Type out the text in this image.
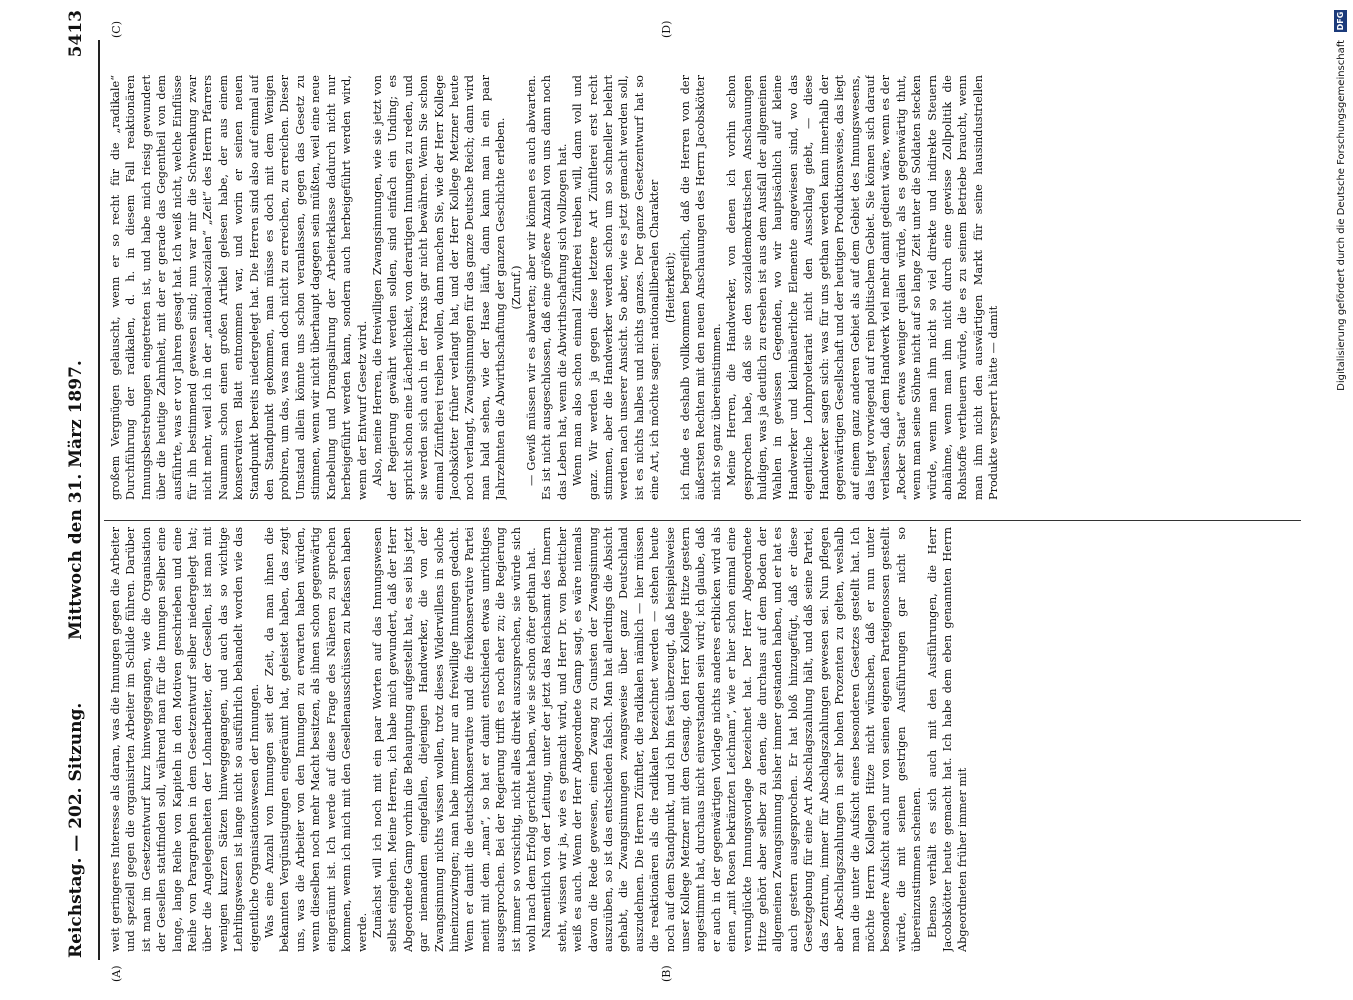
Reichstag. — 202. Sitzung.
Mittwoch den 31. März 1897.
5413
(A)	(B)
(C)	(D)

weit geringeres Interesse als daran, was die Innungen gegen die Arbeiter und speziell gegen die organisirten Arbeiter im Schilde führen. Darüber ist man im Gesetzentwurf kurz hinweggegangen, wie die Organisation der Gesellen stattfinden soll, während man für die Innungen selber eine lange, lange Reihe von Kapiteln in den Motiven geschrieben und eine Reihe von Paragraphen in dem Gesetzentwurf selber niedergelegt hat; über die Angelegenheiten der Lohnarbeiter, der Gesellen, ist man mit wenigen kurzen Sätzen hinweggegangen, und auch das so wichtige Lehrlingswesen ist lange nicht so ausführlich behandelt worden wie das eigentliche Organisationswesen der Innungen. Was eine Anzahl von Innungen seit der Zeit, da man ihnen die bekannten Vergünstigungen eingeräumt hat, geleistet haben, das zeigt uns, was die Arbeiter von den Innungen zu erwarten haben würden, wenn dieselben noch mehr Macht besitzen, als ihnen schon gegenwärtig eingeräumt ist. Ich werde auf diese Frage des Näheren zu sprechen kommen, wenn ich mich mit den Gesellenausschüssen zu befassen haben werde. Zunächst will ich noch mit ein paar Worten auf das Innungswesen selbst eingehen. Meine Herren, ich habe mich gewundert, daß der Herr Abgeordnete Gamp vorhin die Behauptung aufgestellt hat, es sei bis jetzt gar niemandem eingefallen, diejenigen Handwerker, die von der Zwangsinnung nichts wissen wollen, trotz dieses Widerwillens in solche hineinzuzwingen; man habe immer nur an freiwillige Innungen gedacht. Wenn er damit die deutschkonservative und die freikonservative Partei meint mit dem „man“, so hat er damit entschieden etwas unrichtiges ausgesprochen. Bei der Regierung trifft es noch eher zu; die Regierung ist immer so vorsichtig, nicht alles direkt auszusprechen, sie würde sich wohl nach dem Erfolg gerichtet haben, wie sie schon öfter gethan hat. Namentlich von der Leitung, unter der jetzt das Reichsamt des Innern steht, wissen wir ja, wie es gemacht wird, und Herr Dr. von Boetticher weiß es auch. Wenn der Herr Abgeordnete Gamp sagt, es wäre niemals davon die Rede gewesen, einen Zwang zu Gunsten der Zwangsinnung auszuüben, so ist das entschieden falsch. Man hat allerdings die Absicht gehabt, die Zwangsinnungen zwangsweise über ganz Deutschland auszudehnen. Die Herren Zünftler, die radikalen nämlich — hier müssen die reaktionären als die radikalen bezeichnet werden — stehen heute noch auf dem Standpunkt, und ich bin fest überzeugt, daß beispielsweise unser Kollege Metzner mit dem Gesang, den Herr Kollege Hitze gestern angestimmt hat, durchaus nicht einverstanden sein wird; ich glaube, daß er auch in der gegenwärtigen Vorlage nichts anderes erblicken wird als einen „mit Rosen bekränzten Leichnam“, wie er hier schon einmal eine verunglückte Innungsvorlage bezeichnet hat. Der Herr Abgeordnete Hitze gehört aber selber zu denen, die durchaus auf dem Boden der allgemeinen Zwangsinnung bisher immer gestanden haben, und er hat es auch gestern ausgesprochen. Er hat bloß hinzugefügt, daß er diese Gesetzgebung für eine Art Abschlagszahlung hält, und daß seine Partei, das Zentrum, immer für Abschlagszahlungen gewesen sei. Nun pflegen aber Abschlagszahlungen in sehr hohen Prozenten zu gelten, weshalb man die unter die Aufsicht eines besonderen Gesetzes gestellt hat. Ich möchte Herrn Kollegen Hitze nicht wünschen, daß er nun unter besondere Aufsicht auch nur von seinen eigenen Parteigenossen gestellt würde, die mit seinen gestrigen Ausführungen gar nicht so übereinzustimmen scheinen. Ebenso verhält es sich auch mit den Ausführungen, die Herr Jacobskötter heute gemacht hat. Ich habe dem eben genannten Herrn Abgeordneten früher immer mit

großem Vergnügen gelauscht, wenn er so recht für die „radikale“ Durchführung der radikalen, d. h. in diesem Fall reaktionären Innungsbestrebungen eingetreten ist, und habe mich riesig gewundert über die heutige Zahmheit, mit der er gerade das Gegentheil von dem ausführte, was er vor Jahren gesagt hat. Ich weiß nicht, welche Einflüsse für ihn bestimmend gewesen sind; nun war mir die Schwenkung zwar nicht mehr, weil ich in der „national-sozialen“ „Zeit“ des Herrn Pfarrers Naumann schon einen großen Artikel gelesen habe, der aus einem konservativen Blatt entnommen war, und worin er seinen neuen Standpunkt bereits niedergelegt hat. Die Herren sind also auf einmal auf den Standpunkt gekommen, man müsse es doch mit dem Wenigen probiren, um das, was man doch nicht zu erreichen, zu erreichen. Dieser Umstand allein könnte uns schon veranlassen, gegen das Gesetz zu stimmen, wenn wir nicht überhaupt dagegen sein müßten, weil eine neue Knebelung und Drangsalirung der Arbeiterklasse dadurch nicht nur herbeigeführt werden kann, sondern auch herbeigeführt werden wird, wenn der Entwurf Gesetz wird. Also, meine Herren, die freiwilligen Zwangsinnungen, wie sie jetzt von der Regierung gewährt werden sollen, sind einfach ein Unding; es spricht schon eine Lächerlichkeit, von derartigen Innungen zu reden, und sie werden sich auch in der Praxis gar nicht bewähren. Wenn Sie schon einmal Zünftlerei treiben wollen, dann machen Sie, wie der Herr Kollege Jacobskötter früher verlangt hat, und der Herr Kollege Metzner heute noch verlangt, Zwangsinnungen für das ganze Deutsche Reich; dann wird man bald sehen, wie der Hase läuft, dann kann man in ein paar Jahrzehnten die Abwirthschaftung der ganzen Geschichte erleben. (Zuruf.) — Gewiß müssen wir es abwarten; aber wir können es auch abwarten. Es ist nicht ausgeschlossen, daß eine größere Anzahl von uns dann noch das Leben hat, wenn die Abwirthschaftung sich vollzogen hat. Wenn man also schon einmal Zünftlerei treiben will, dann voll und ganz. Wir werden ja gegen diese letztere Art Zünftlerei erst recht stimmen, aber die Handwerker werden schon um so schneller belehrt werden nach unserer Ansicht. So aber, wie es jetzt gemacht werden soll, ist es nichts halbes und nichts ganzes. Der ganze Gesetzentwurf hat so eine Art, ich möchte sagen: nationalliberalen Charakter (Heiterkeit); ich finde es deshalb vollkommen begreiflich, daß die Herren von der äußersten Rechten mit den neuen Anschauungen des Herrn Jacobskötter nicht so ganz übereinstimmen. Meine Herren, die Handwerker, von denen ich vorhin schon gesprochen habe, daß sie den sozialdemokratischen Anschauungen huldigen, was ja deutlich zu ersehen ist aus dem Ausfall der allgemeinen Wahlen in gewissen Gegenden, wo wir hauptsächlich auf kleine Handwerker und kleinbäuerliche Elemente angewiesen sind, wo das eigentliche Lohnproletariat nicht den Ausschlag giebt, — diese Handwerker sagen sich: was für uns gethan werden kann innerhalb der gegenwärtigen Gesellschaft und der heutigen Produktionsweise, das liegt auf einem ganz anderen Gebiet als auf dem Gebiet des Innungswesens, das liegt vorwiegend auf rein politischem Gebiet. Sie können sich darauf verlassen, daß dem Handwerk viel mehr damit gedient wäre, wenn es der „Rocker Staat“ etwas weniger quälen würde, als es gegenwärtig thut, wenn man seine Söhne nicht auf so lange Zeit unter die Soldaten stecken würde, wenn man ihm nicht so viel direkte und indirekte Steuern abnähme, wenn man ihm nicht durch eine gewisse Zollpolitik die Rohstoffe vertheuern würde, die es zu seinem Betriebe braucht, wenn man ihm nicht den auswärtigen Markt für seine hausindustriellen Produkte versperrt hätte — damit

Digitalisierung gefördert durch die Deutsche Forschungsgemeinschaft
DFG
